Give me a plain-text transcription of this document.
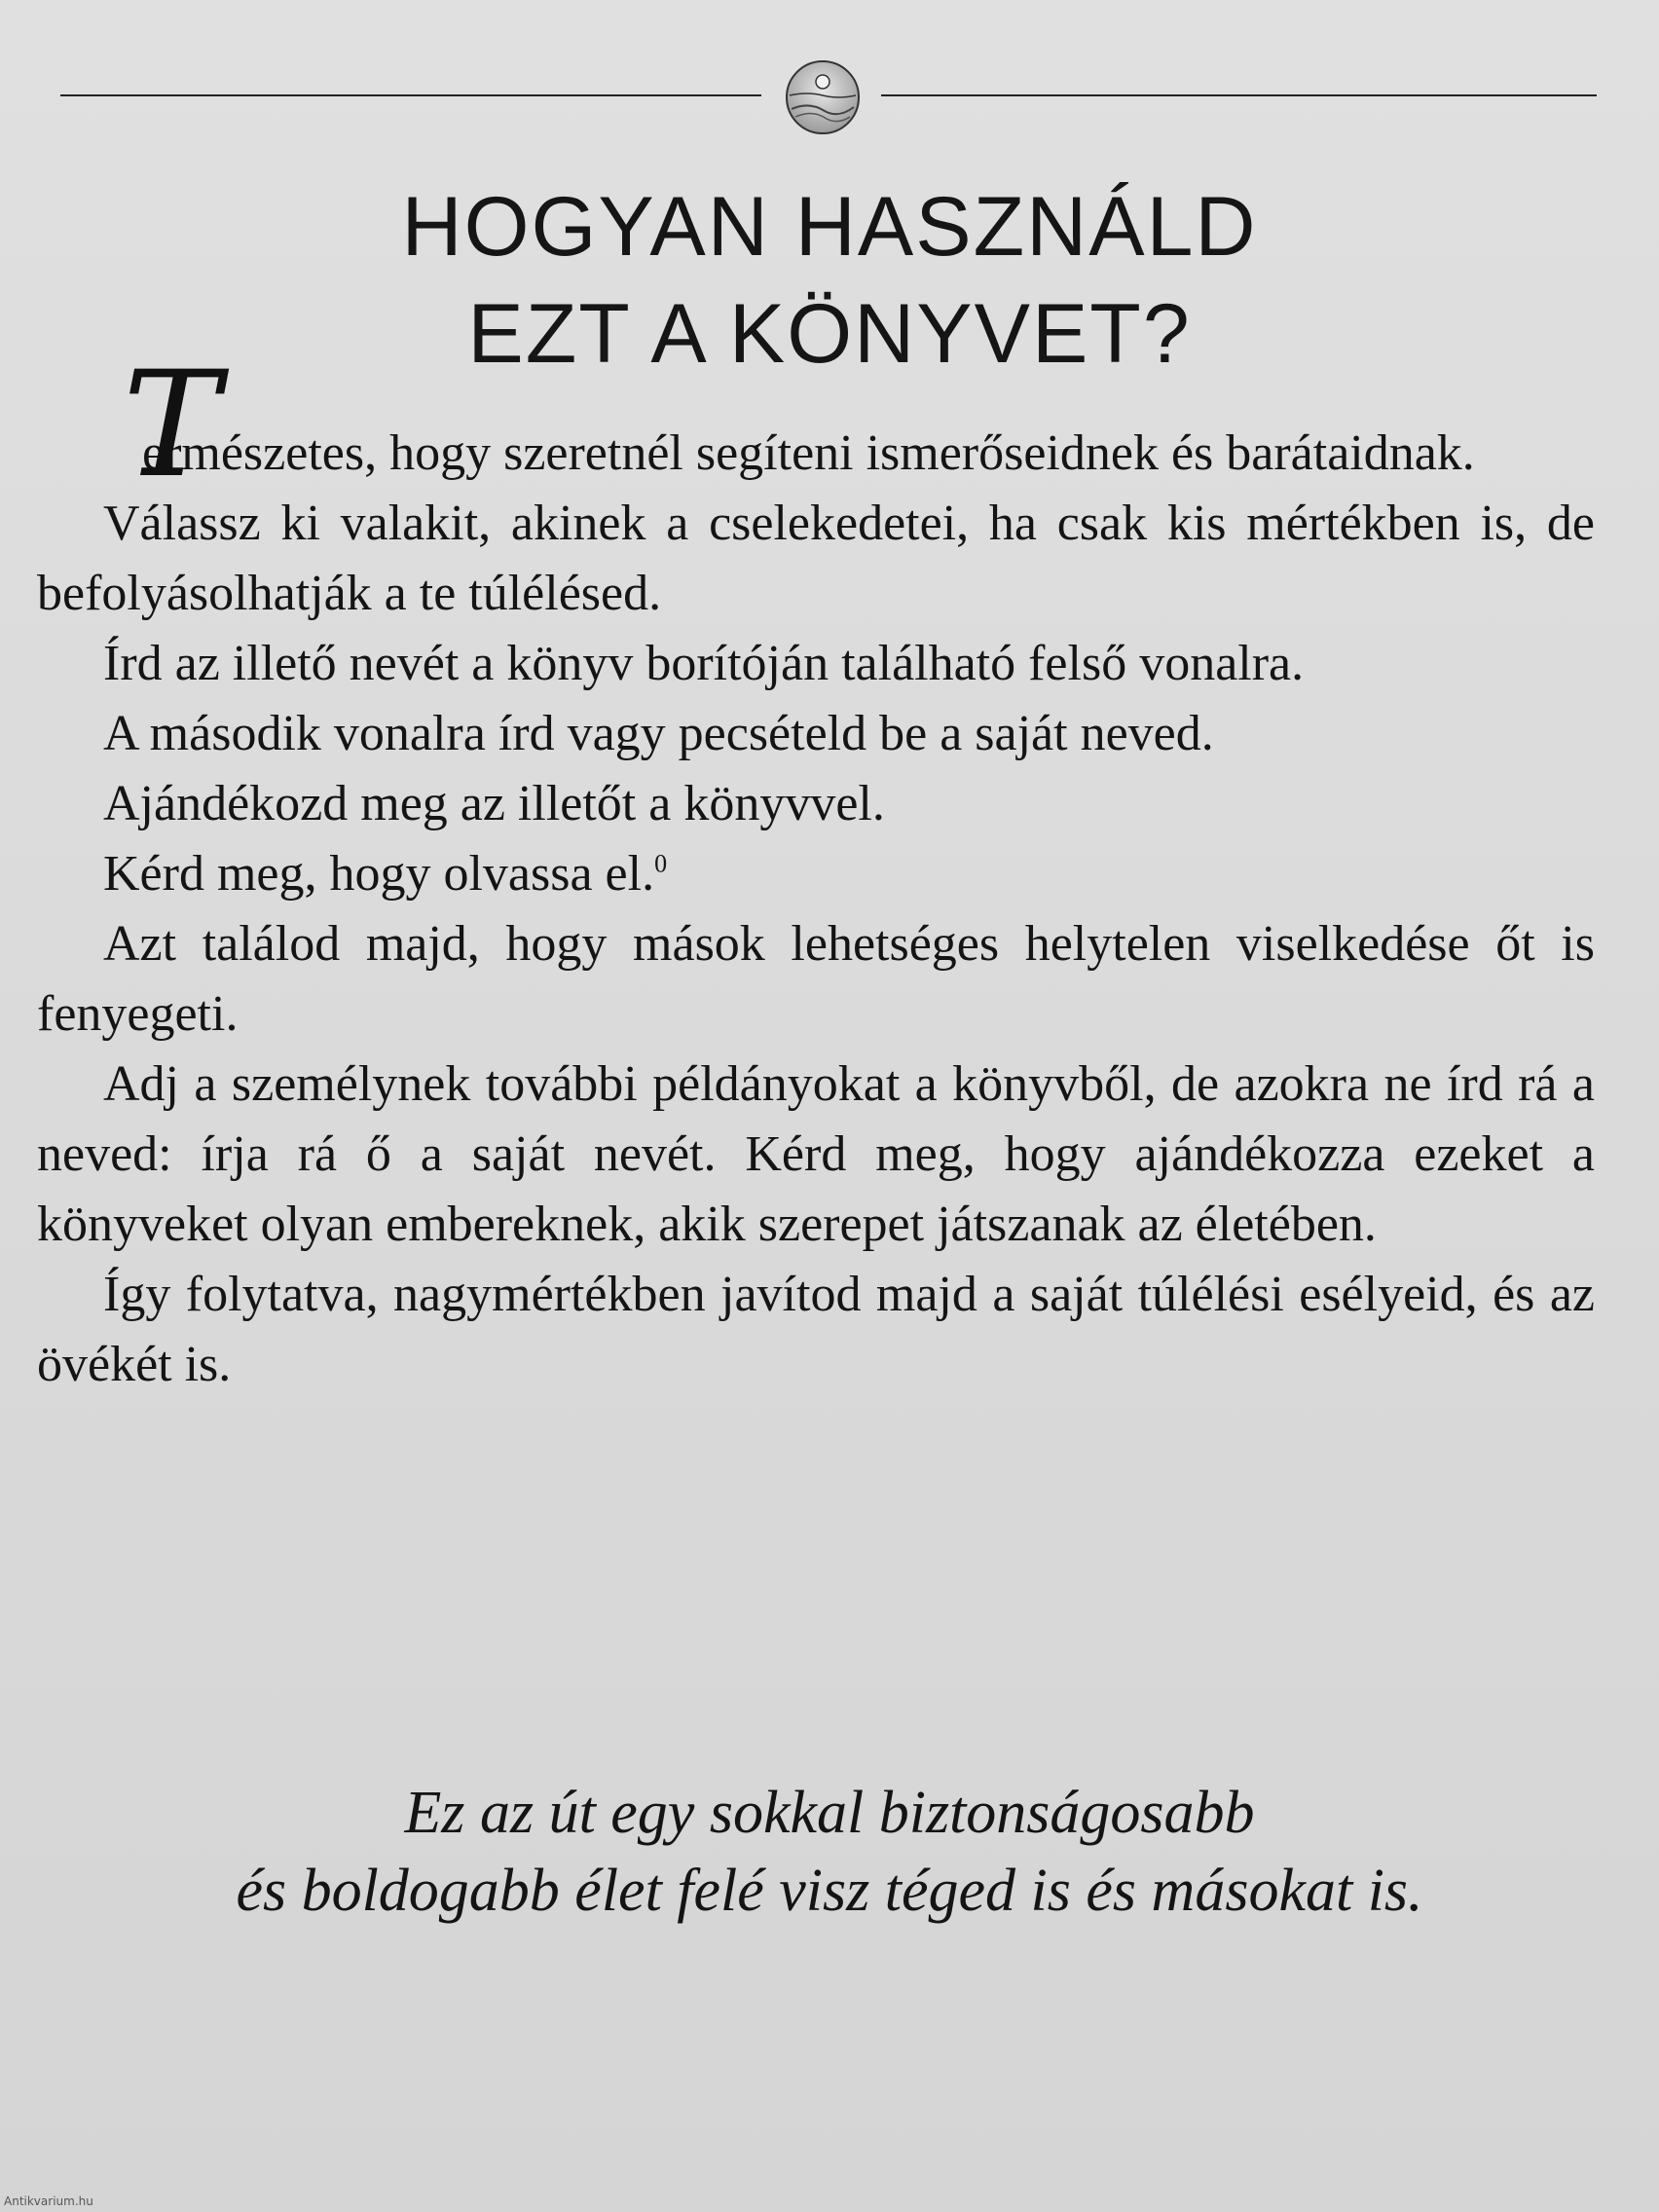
HOGYAN HASZNÁLD
EZT A KÖNYVET?

T
ermészetes, hogy szeretnél segíteni ismerőseidnek és barátaidnak.

Válassz ki valakit, akinek a cselekedetei, ha csak kis mértékben is, de befolyásolhatják a te túlélésed.

Írd az illető nevét a könyv borítóján található felső vonalra.

A második vonalra írd vagy pecsételd be a saját neved.

Ajándékozd meg az illetőt a könyvvel.

Kérd meg, hogy olvassa el.$^0$

Azt találod majd, hogy mások lehetséges helytelen viselkedése őt is fenyegeti.

Adj a személynek további példányokat a könyvből, de azokra ne írd rá a neved: írja rá ő a saját nevét. Kérd meg, hogy ajándékozza ezeket a könyveket olyan embereknek, akik szerepet játszanak az életében.

Így folytatva, nagymértékben javítod majd a saját túlélési esélyeid, és az övékét is.

Ez az út egy sokkal biztonságosabb
és boldogabb élet felé visz téged is és másokat is.
Antikvarium.hu
